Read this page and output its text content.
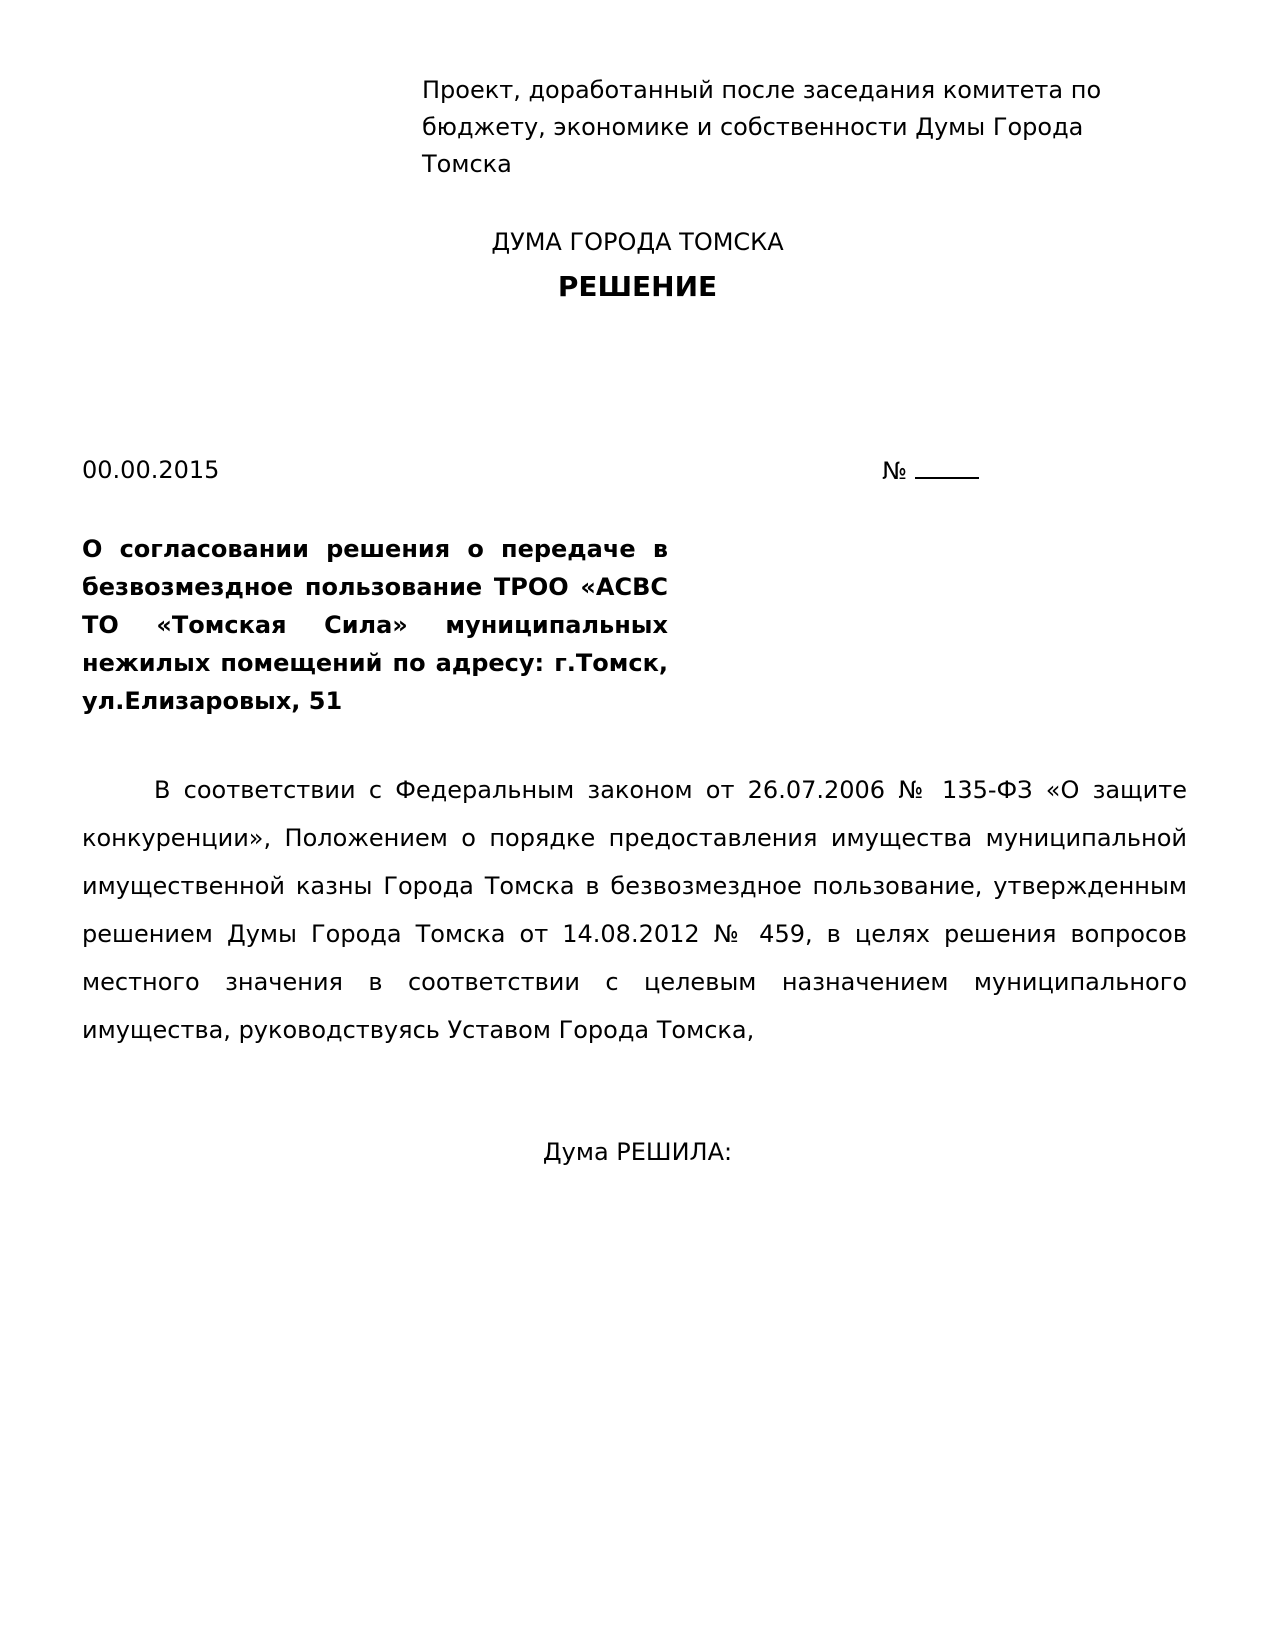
Проект, доработанный после заседания комитета по бюджету, экономике и собственности Думы Города Томска
ДУМА ГОРОДА ТОМСКА
РЕШЕНИЕ
00.00.2015	№
О согласовании решения о передаче в безвозмездное пользование ТРОО «АСВС ТО «Томская Сила» муниципальных нежилых помещений по адресу: г.Томск, ул.Елизаровых, 51
В соответствии с Федеральным законом от 26.07.2006 № 135-ФЗ «О защите конкуренции», Положением о порядке предоставления имущества муниципальной имущественной казны Города Томска в безвозмездное пользование, утвержденным решением Думы Города Томска от 14.08.2012 № 459, в целях решения вопросов местного значения в соответствии с целевым назначением муниципального имущества, руководствуясь Уставом Города Томска,
Дума РЕШИЛА:
